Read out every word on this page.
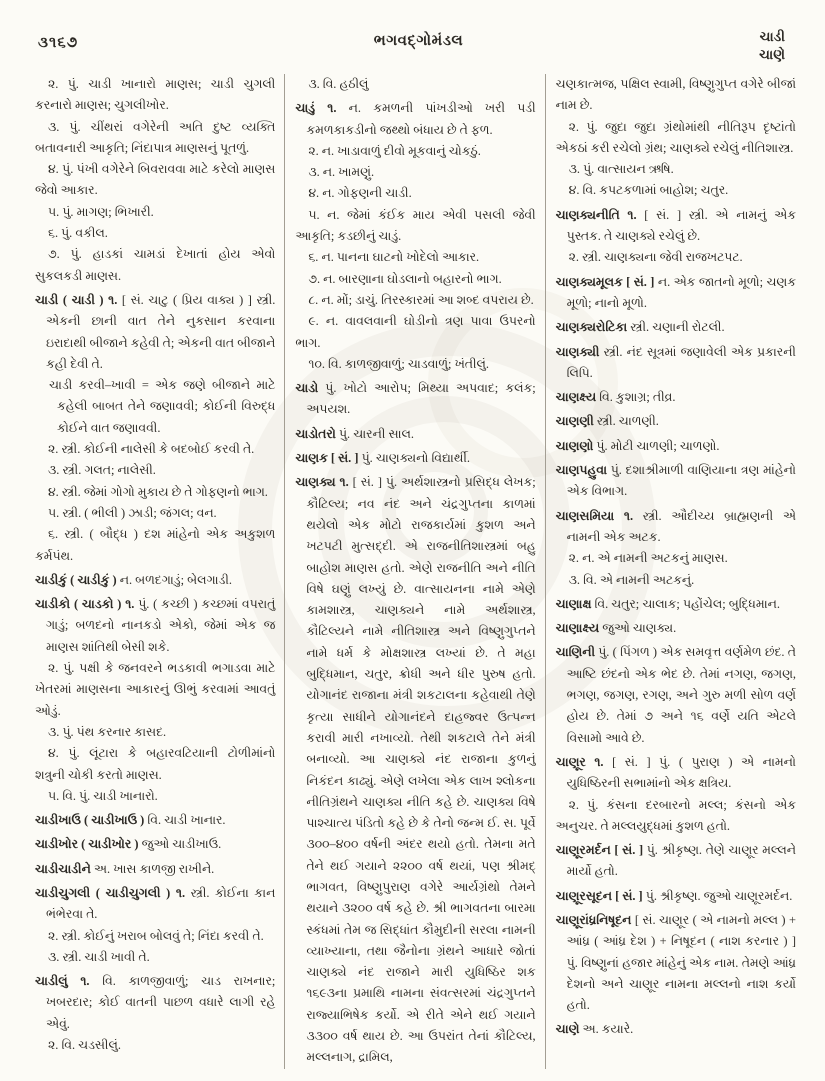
૩૧૬૭	ભગવદ્ગોમંડલ	ચાડી
ચાણે

૨. પું. ચાડી ખાનારો માણસ; ચાડી ચુગલી કરનારો માણસ; ચુગલીખોર.

૩. પું. ચીંથરાં વગેરેની અતિ દુષ્ટ વ્યક્તિ બતાવનારી આકૃતિ; નિંદાપાત્ર માણસનું પૂતળું.

૪. પું. પંખી વગેરેને બિવરાવવા માટે કરેલો માણસ જેવો આકાર.

૫. પું. માગણ; ભિખારી.

૬. પું. વકીલ.

૭. પું. હાડકાં ચામડાં દેખાતાં હોય એવો સુકલકડી માણસ.

ચાડી ( ચાડી ) ૧. [ સં. ચાટુ ( પ્રિય વાક્ય ) ] સ્ત્રી. એકની છાની વાત તેને નુકસાન કરવાના ઇરાદાથી બીજાને કહેવી તે; એકની વાત બીજાને કહી દેવી તે.

ચાડી કરવી–ખાવી = એક જણે બીજાને માટે કહેલી બાબત તેને જણાવવી; કોઈની વિરુદ્ધ કોઈને વાત જણાવવી.

૨. સ્ત્રી. કોઈની નાલેસી કે બદબોઈ કરવી તે.

૩. સ્ત્રી. ગલત; નાલેસી.

૪. સ્ત્રી. જેમાં ગોગો મુકાય છે તે ગોફણનો ભાગ.

૫. સ્ત્રી. ( ભીલી ) ઝાડી; જંગલ; વન.

૬. સ્ત્રી. ( બૌદ્ધ ) દશ માંહેનો એક અકુશળ કર્મપંથ.

ચાડીકું ( ચાડીકું ) ન. બળદગાડું; બેલગાડી.

ચાડીકો ( ચાડકો ) ૧. પું. ( કચ્છી ) કચ્છમાં વપરાતું ગાડું; બળદનો નાનકડો એકો, જેમાં એક જ માણસ શાંતિથી બેસી શકે.

૨. પું. પક્ષી કે જનવરને ભડકાવી ભગાડવા માટે ખેતરમાં માણસના આકારનું ઊભું કરવામાં આવતું ઓડું.

૩. પું. પંથ કરનાર કાસદ.

૪. પું. લૂંટારા કે બહારવટિયાની ટોળીમાંનો શત્રુની ચોકી કરતો માણસ.

૫. વિ. પું. ચાડી ખાનારો.

ચાડીખાઉ ( ચાડીખાઉ ) વિ. ચાડી ખાનાર.

ચાડીખોર ( ચાડીખોર ) જુઓ ચાડીખાઉ.

ચાડીચાડીને અ. ખાસ કાળજી રાખીને.

ચાડીચુગલી ( ચાડીચુગલી ) ૧. સ્ત્રી. કોઈના કાન ભંભેરવા તે.

૨. સ્ત્રી. કોઈનું ખરાબ બોલવું તે; નિંદા કરવી તે.

૩. સ્ત્રી. ચાડી ખાવી તે.

ચાડીલું ૧. વિ. કાળજીવાળું; ચાડ રાખનાર; ખબરદાર; કોઈ વાતની પાછળ વધારે લાગી રહે એવું.

૨. વિ. ચડસીલું.

૩. વિ. હઠીલું

ચાડું ૧. ન. કમળની પાંખડીઓ ખરી પડી કમળકાકડીનો જથ્થો બંધાય છે તે ફળ.

૨. ન. ખાડાવાળું દીવો મૂકવાનું ચોકઠું.

૩. ન. ખામણું.

૪. ન. ગોફણની ચાડી.

૫. ન. જેમાં કંઈક માય એવી પસલી જેવી આકૃતિ; કડછીનું ચાડું.

૬. ન. પાનના ઘાટનો ખોદેલો આકાર.

૭. ન. બારણાના ઘોડલાનો બહારનો ભાગ.

૮. ન. મોં; ડાચું. તિરસ્કારમાં આ શબ્દ વપરાય છે.

૯. ન. વાવલવાની ઘોડીનો ત્રણ પાવા ઉપરનો ભાગ.

૧૦. વિ. કાળજીવાળું; ચાડવાળું; ખંતીલું.

ચાડો પું. ખોટો આરોપ; મિથ્યા અપવાદ; કલંક; અપયશ.

ચાડોતરો પું. ચારની સાલ.

ચાણક [ સં. ] પું. ચાણક્યનો વિદ્યાર્થી.

ચાણક્ય ૧. [ સં. ] પું. અર્થશાસ્ત્રનો પ્રસિદ્ધ લેખક; કૌટિલ્ય; નવ નંદ અને ચંદ્રગુપ્તના કાળમાં થયેલો એક મોટો રાજકાર્યમાં કુશળ અને ખટપટી મુત્સદ્દી. એ રાજનીતિશાસ્ત્રમાં બહુ બાહોશ માણસ હતો. એણે રાજનીતિ અને નીતિ વિષે ઘણું લખ્યું છે. વાત્સાયનના નામે એણે કામશાસ્ત્ર, ચાણક્યને નામે અર્થશાસ્ત્ર, કૌટિલ્યને નામે નીતિશાસ્ત્ર અને વિષ્ણુગુપ્તને નામે ધર્મ કે મોક્ષશાસ્ત્ર લખ્યાં છે. તે મહા બુદ્ધિમાન, ચતુર, ક્રોધી અને ધીર પુરુષ હતો. યોગાનંદ રાજાના મંત્રી શકટાલના કહેવાથી તેણે કૃત્યા સાધીને યોગાનંદને દાહજ્વર ઉત્પન્ન કરાવી મારી નખાવ્યો. તેથી શકટાલે તેને મંત્રી બનાવ્યો. આ ચાણક્યે નંદ રાજાના કુળનું નિકંદન કાઢ્યું. એણે લખેલા એક લાખ શ્લોકના નીતિગ્રંથને ચાણક્ય નીતિ કહે છે. ચાણક્ય વિષે પાશ્ચાત્ય પંડિતો કહે છે કે તેનો જન્મ ઈ. સ. પૂર્વે ૩૦૦–૪૦૦ વર્ષની અંદર થયો હતો. તેમના મતે તેને થઈ ગયાને ૨૨૦૦ વર્ષ થયાં, પણ શ્રીમદ્ ભાગવત, વિષ્ણુપુરાણ વગેરે આર્યગ્રંથો તેમને થયાને ૩૨૦૦ વર્ષ કહે છે. શ્રી ભાગવતના બારમા સ્કંધમાં તેમ જ સિદ્ધાંત કૌમુદીની સરલા નામની વ્યાખ્યાના, તથા જૈનોના ગ્રંથને આધારે જોતાં ચાણક્યે નંદ રાજાને મારી યુધિષ્ઠિર શક ૧૬૯૩ના પ્રમાથિ નામના સંવત્સરમાં ચંદ્રગુપ્તને રાજ્યાભિષેક કર્યો. એ રીતે એને થઈ ગયાને ૩૩૦૦ વર્ષ થાય છે. આ ઉપરાંત તેનાં કૌટિલ્ય, મલ્લનાગ, દ્રામિલ,

ચણકાત્મજ, પક્ષિલ સ્વામી, વિષ્ણુગુપ્ત વગેરે બીજાં નામ છે.

૨. પું. જુદા જુદા ગ્રંથોમાંથી નીતિરૂપ દૃષ્ટાંતો એકઠાં કરી રચેલો ગ્રંથ; ચાણક્યે રચેલું નીતિશાસ્ત્ર.

૩. પું. વાત્સાયન ઋષિ.

૪. વિ. કપટકળામાં બાહોશ; ચતુર.

ચાણક્યનીતિ ૧. [ સં. ] સ્ત્રી. એ નામનું એક પુસ્તક. તે ચાણક્યે રચેલું છે.

૨. સ્ત્રી. ચાણક્યના જેવી રાજખટપટ.

ચાણક્યમૂલક [ સં. ] ન. એક જાતનો મૂળો; ચણક મૂળો; નાનો મૂળો.

ચાણક્યરોટિકા સ્ત્રી. ચણાની રોટલી.

ચાણક્યી સ્ત્રી. નંદ સૂત્રમાં જણાવેલી એક પ્રકારની લિપિ.

ચાણક્ષ્ય વિ. કુશાગ્ર; તીવ્ર.

ચાણણી સ્ત્રી. ચાળણી.

ચાણણો પું. મોટી ચાળણી; ચાળણો.

ચાણપહુવા પું. દશાશ્રીમાળી વાણિયાના ત્રણ માંહેનો એક વિભાગ.

ચાણસમિયા ૧. સ્ત્રી. ઔદીચ્ય બ્રાહ્મણની એ નામની એક અટક.

૨. ન. એ નામની અટકનું માણસ.

૩. વિ. એ નામની અટકનું.

ચાણાક્ષ વિ. ચતુર; ચાલાક; પહોંચેલ; બુદ્ધિમાન.

ચાણાક્ષ્ય જુઓ ચાણક્ય.

ચાણિની પું. ( પિંગળ ) એક સમવૃત્ત વર્ણમેળ છંદ. તે આષ્ટિ છંદનો એક ભેદ છે. તેમાં નગણ, જગણ, ભગણ, જગણ, રગણ, અને ગુરુ મળી સોળ વર્ણ હોય છે. તેમાં ૭ અને ૧૬ વર્ણે યતિ એટલે વિસામો આવે છે.

ચાણૂર ૧. [ સં. ] પું. ( પુરાણ ) એ નામનો યુધિષ્ઠિરની સભામાંનો એક ક્ષત્રિય.

૨. પું. કંસના દરબારનો મલ્લ; કંસનો એક અનુચર. તે મલ્લયુદ્ધમાં કુશળ હતો.

ચાણૂરમર્દન [ સં. ] પું. શ્રીકૃષ્ણ. તેણે ચાણૂર મલ્લને માર્યો હતો.

ચાણૂરસૂદન [ સં. ] પું. શ્રીકૃષ્ણ. જુઓ ચાણૂરમર્દન.

ચાણૂરાંધ્રનિષૂદન [ સં. ચાણૂર ( એ નામનો મલ્લ ) + આંધ્ર ( આંધ્ર દેશ ) + નિષૂદન ( નાશ કરનાર ) ] પું. વિષ્ણુનાં હજાર માંહેનું એક નામ. તેમણે આંધ્ર દેશનો અને ચાણૂર નામના મલ્લનો નાશ કર્યો હતો.

ચાણે અ. કયારે.
